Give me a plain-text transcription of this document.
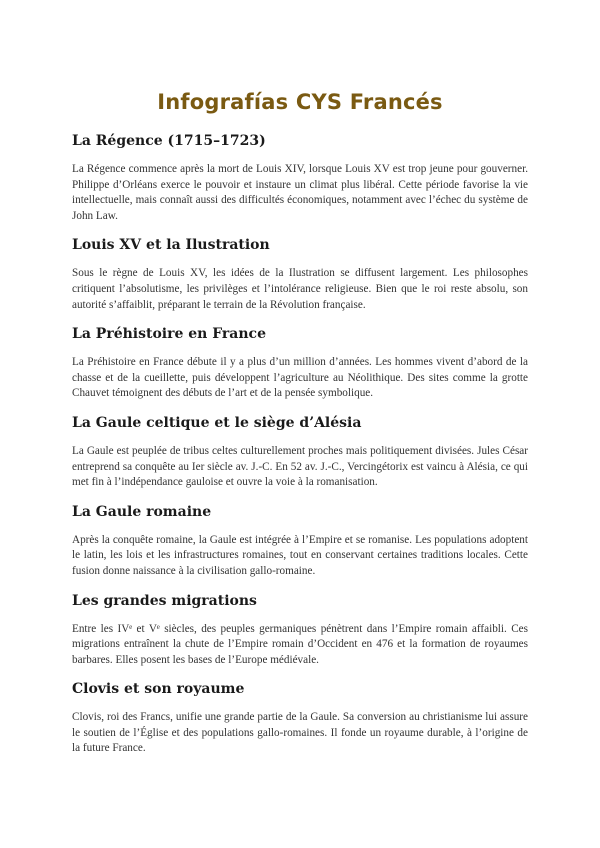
Infografías CYS Francés
La Régence (1715–1723)

La Régence commence après la mort de Louis XIV, lorsque Louis XV est trop jeune pour gouverner. Philippe d’Orléans exerce le pouvoir et instaure un climat plus libéral. Cette période favorise la vie intellectuelle, mais connaît aussi des difficultés économiques, notamment avec l’échec du système de John Law.

Louis XV et la Ilustration

Sous le règne de Louis XV, les idées de la Ilustration se diffusent largement. Les philosophes critiquent l’absolutisme, les privilèges et l’intolérance religieuse. Bien que le roi reste absolu, son autorité s’affaiblit, préparant le terrain de la Révolution française.

La Préhistoire en France

La Préhistoire en France débute il y a plus d’un million d’années. Les hommes vivent d’abord de la chasse et de la cueillette, puis développent l’agriculture au Néolithique. Des sites comme la grotte Chauvet témoignent des débuts de l’art et de la pensée symbolique.

La Gaule celtique et le siège d’Alésia

La Gaule est peuplée de tribus celtes culturellement proches mais politiquement divisées. Jules César entreprend sa conquête au Ier siècle av. J.-C. En 52 av. J.-C., Vercingétorix est vaincu à Alésia, ce qui met fin à l’indépendance gauloise et ouvre la voie à la romanisation.

La Gaule romaine

Après la conquête romaine, la Gaule est intégrée à l’Empire et se romanise. Les populations adoptent le latin, les lois et les infrastructures romaines, tout en conservant certaines traditions locales. Cette fusion donne naissance à la civilisation gallo-romaine.

Les grandes migrations

Entre les IVᵉ et Vᵉ siècles, des peuples germaniques pénètrent dans l’Empire romain affaibli. Ces migrations entraînent la chute de l’Empire romain d’Occident en 476 et la formation de royaumes barbares. Elles posent les bases de l’Europe médiévale.

Clovis et son royaume

Clovis, roi des Francs, unifie une grande partie de la Gaule. Sa conversion au christianisme lui assure le soutien de l’Église et des populations gallo-romaines. Il fonde un royaume durable, à l’origine de la future France.
